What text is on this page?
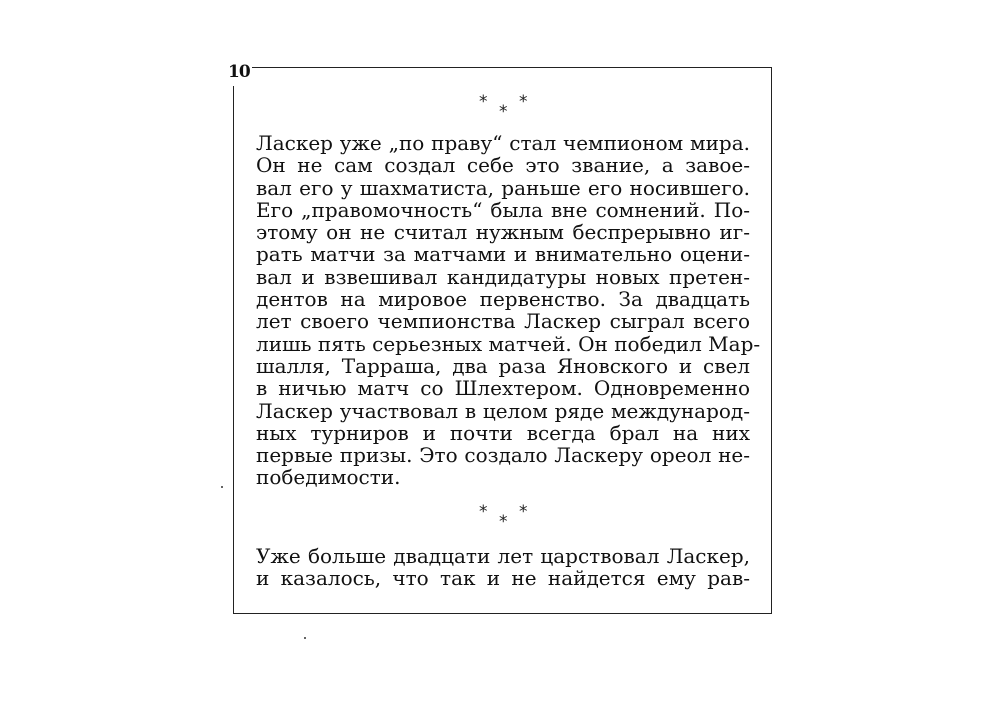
10
* * *
Ласкер уже „по праву“ стал чемпионом мира.
Он не сам создал себе это звание, а завое-
вал его у шахматиста, раньше его носившего.
Его „правомочность“ была вне сомнений. По-
этому он не считал нужным беспрерывно иг-
рать матчи за матчами и внимательно оцени-
вал и взвешивал кандидатуры новых претен-
дентов на мировое первенство. За двадцать
лет своего чемпионства Ласкер сыграл всего
лишь пять серьезных матчей. Он победил Мар-
шалля, Тарраша, два раза Яновского и свел
в ничью матч со Шлехтером. Одновременно
Ласкер участвовал в целом ряде международ-
ных турниров и почти всегда брал на них
первые призы. Это создало Ласкеру ореол не-
победимости.
* * *
Уже больше двадцати лет царствовал Ласкер,
и казалось, что так и не найдется ему рав-
